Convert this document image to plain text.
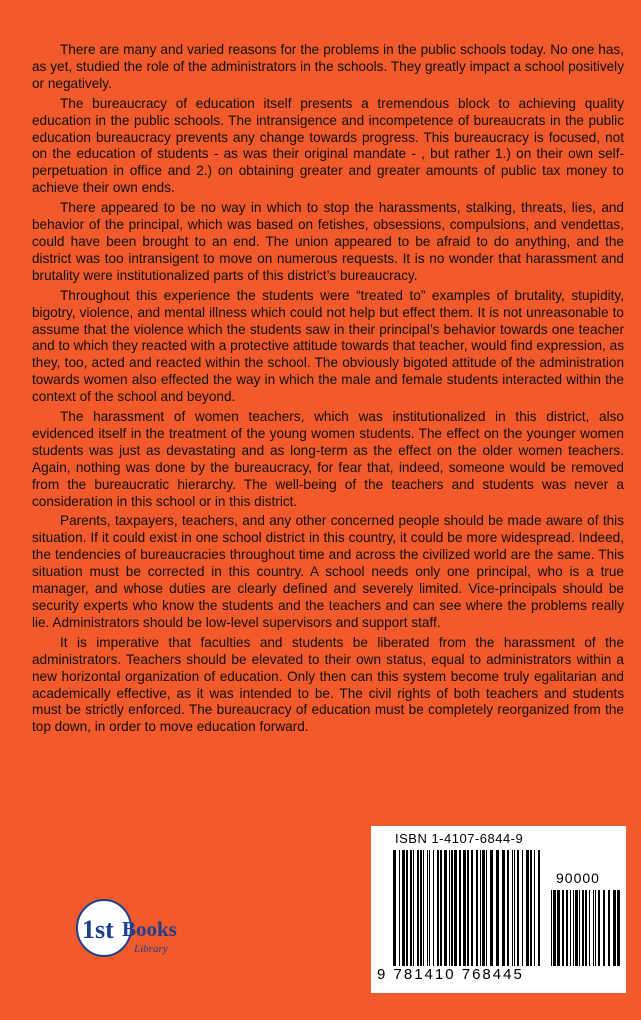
There are many and varied reasons for the problems in the public schools today. No one has, as yet, studied the role of the administrators in the schools. They greatly impact a school positively or negatively.

The bureaucracy of education itself presents a tremendous block to achieving quality education in the public schools. The intransigence and incompetence of bureaucrats in the public education bureaucracy prevents any change towards progress. This bureaucracy is focused, not on the education of students - as was their original mandate - , but rather 1.) on their own self-perpetuation in office and 2.) on obtaining greater and greater amounts of public tax money to achieve their own ends.

There appeared to be no way in which to stop the harassments, stalking, threats, lies, and behavior of the principal, which was based on fetishes, obsessions, compulsions, and vendettas, could have been brought to an end. The union appeared to be afraid to do anything, and the district was too intransigent to move on numerous requests. It is no wonder that harassment and brutality were institutionalized parts of this district’s bureaucracy.

Throughout this experience the students were “treated to” examples of brutality, stupidity, bigotry, violence, and mental illness which could not help but effect them. It is not unreasonable to assume that the violence which the students saw in their principal’s behavior towards one teacher and to which they reacted with a protective attitude towards that teacher, would find expression, as they, too, acted and reacted within the school. The obviously bigoted attitude of the administration towards women also effected the way in which the male and female students interacted within the context of the school and beyond.

The harassment of women teachers, which was institutionalized in this district, also evidenced itself in the treatment of the young women students. The effect on the younger women students was just as devastating and as long-term as the effect on the older women teachers. Again, nothing was done by the bureaucracy, for fear that, indeed, someone would be removed from the bureaucratic hierarchy. The well-being of the teachers and students was never a consideration in this school or in this district.

Parents, taxpayers, teachers, and any other concerned people should be made aware of this situation. If it could exist in one school district in this country, it could be more widespread. Indeed, the tendencies of bureaucracies throughout time and across the civilized world are the same. This situation must be corrected in this country. A school needs only one principal, who is a true manager, and whose duties are clearly defined and severely limited. Vice-principals should be security experts who know the students and the teachers and can see where the problems really lie. Administrators should be low-level supervisors and support staff.

It is imperative that faculties and students be liberated from the harassment of the administrators. Teachers should be elevated to their own status, equal to administrators within a new horizontal organization of education. Only then can this system become truly egalitarian and academically effective, as it was intended to be. The civil rights of both teachers and students must be strictly enforced. The bureaucracy of education must be completely reorganized from the top down, in order to move education forward.

1st Books
Library
ISBN 1-4107-6844-9
90000
9 781410 768445
